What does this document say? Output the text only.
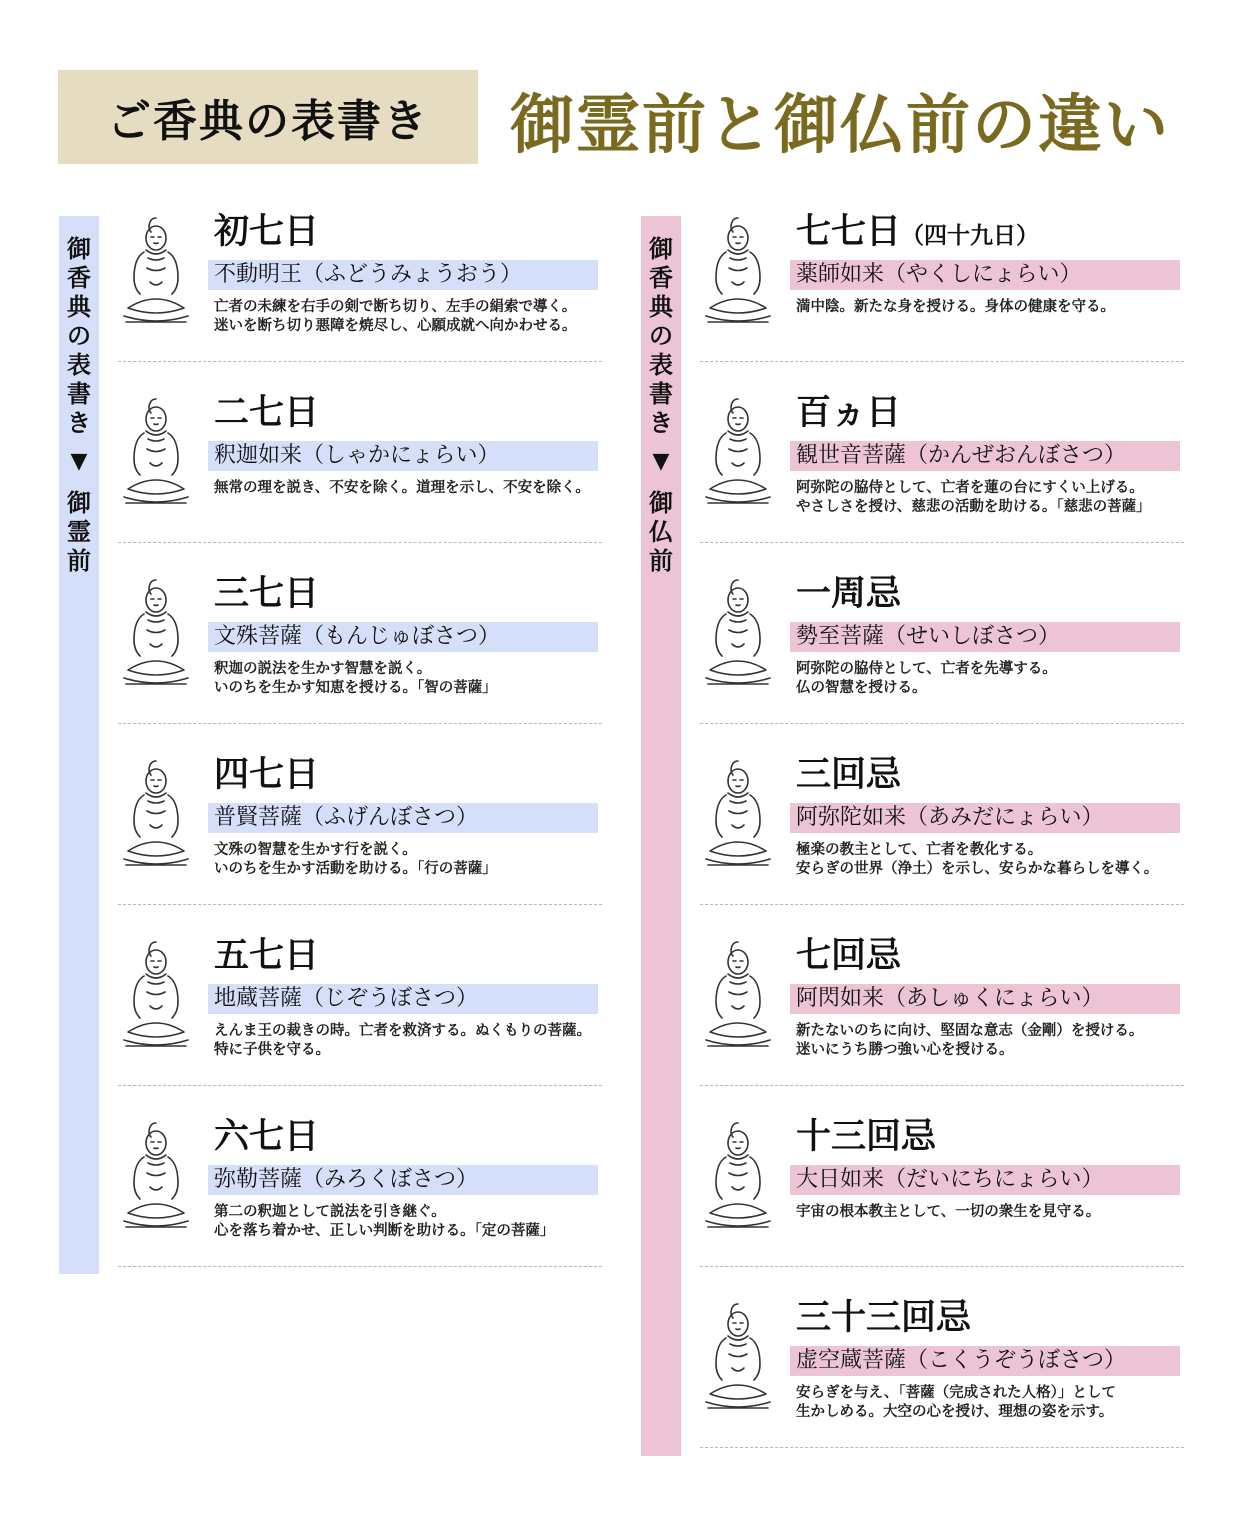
ご香典の表書き	御霊前と御仏前の違い
御
香
典
の
表
書
き
▼
御
霊
前
御
香
典
の
表
書
き
▼
御
仏
前
初七日
不動明王（ふどうみょうおう）
亡者の未練を右手の剣で断ち切り、左手の絹索で導く。
迷いを断ち切り悪障を焼尽し、心願成就へ向かわせる。
二七日
釈迦如来（しゃかにょらい）
無常の理を説き、不安を除く。道理を示し、不安を除く。
三七日
文殊菩薩（もんじゅぼさつ）
釈迦の説法を生かす智慧を説く。
いのちを生かす知恵を授ける。「智の菩薩」
四七日
普賢菩薩（ふげんぼさつ）
文殊の智慧を生かす行を説く。
いのちを生かす活動を助ける。「行の菩薩」
五七日
地蔵菩薩（じぞうぼさつ）
えんま王の裁きの時。亡者を救済する。ぬくもりの菩薩。
特に子供を守る。
六七日
弥勒菩薩（みろくぼさつ）
第二の釈迦として説法を引き継ぐ。
心を落ち着かせ、正しい判断を助ける。「定の菩薩」
七七日（四十九日）
薬師如来（やくしにょらい）
満中陰。新たな身を授ける。身体の健康を守る。
百ヵ日
観世音菩薩（かんぜおんぼさつ）
阿弥陀の脇侍として、亡者を蓮の台にすくい上げる。
やさしさを授け、慈悲の活動を助ける。「慈悲の菩薩」
一周忌
勢至菩薩（せいしぼさつ）
阿弥陀の脇侍として、亡者を先導する。
仏の智慧を授ける。
三回忌
阿弥陀如来（あみだにょらい）
極楽の教主として、亡者を教化する。
安らぎの世界（浄土）を示し、安らかな暮らしを導く。
七回忌
阿閃如来（あしゅくにょらい）
新たないのちに向け、堅固な意志（金剛）を授ける。
迷いにうち勝つ強い心を授ける。
十三回忌
大日如来（だいにちにょらい）
宇宙の根本教主として、一切の衆生を見守る。
三十三回忌
虚空蔵菩薩（こくうぞうぼさつ）
安らぎを与え、「菩薩（完成された人格）」として
生かしめる。大空の心を授け、理想の姿を示す。
